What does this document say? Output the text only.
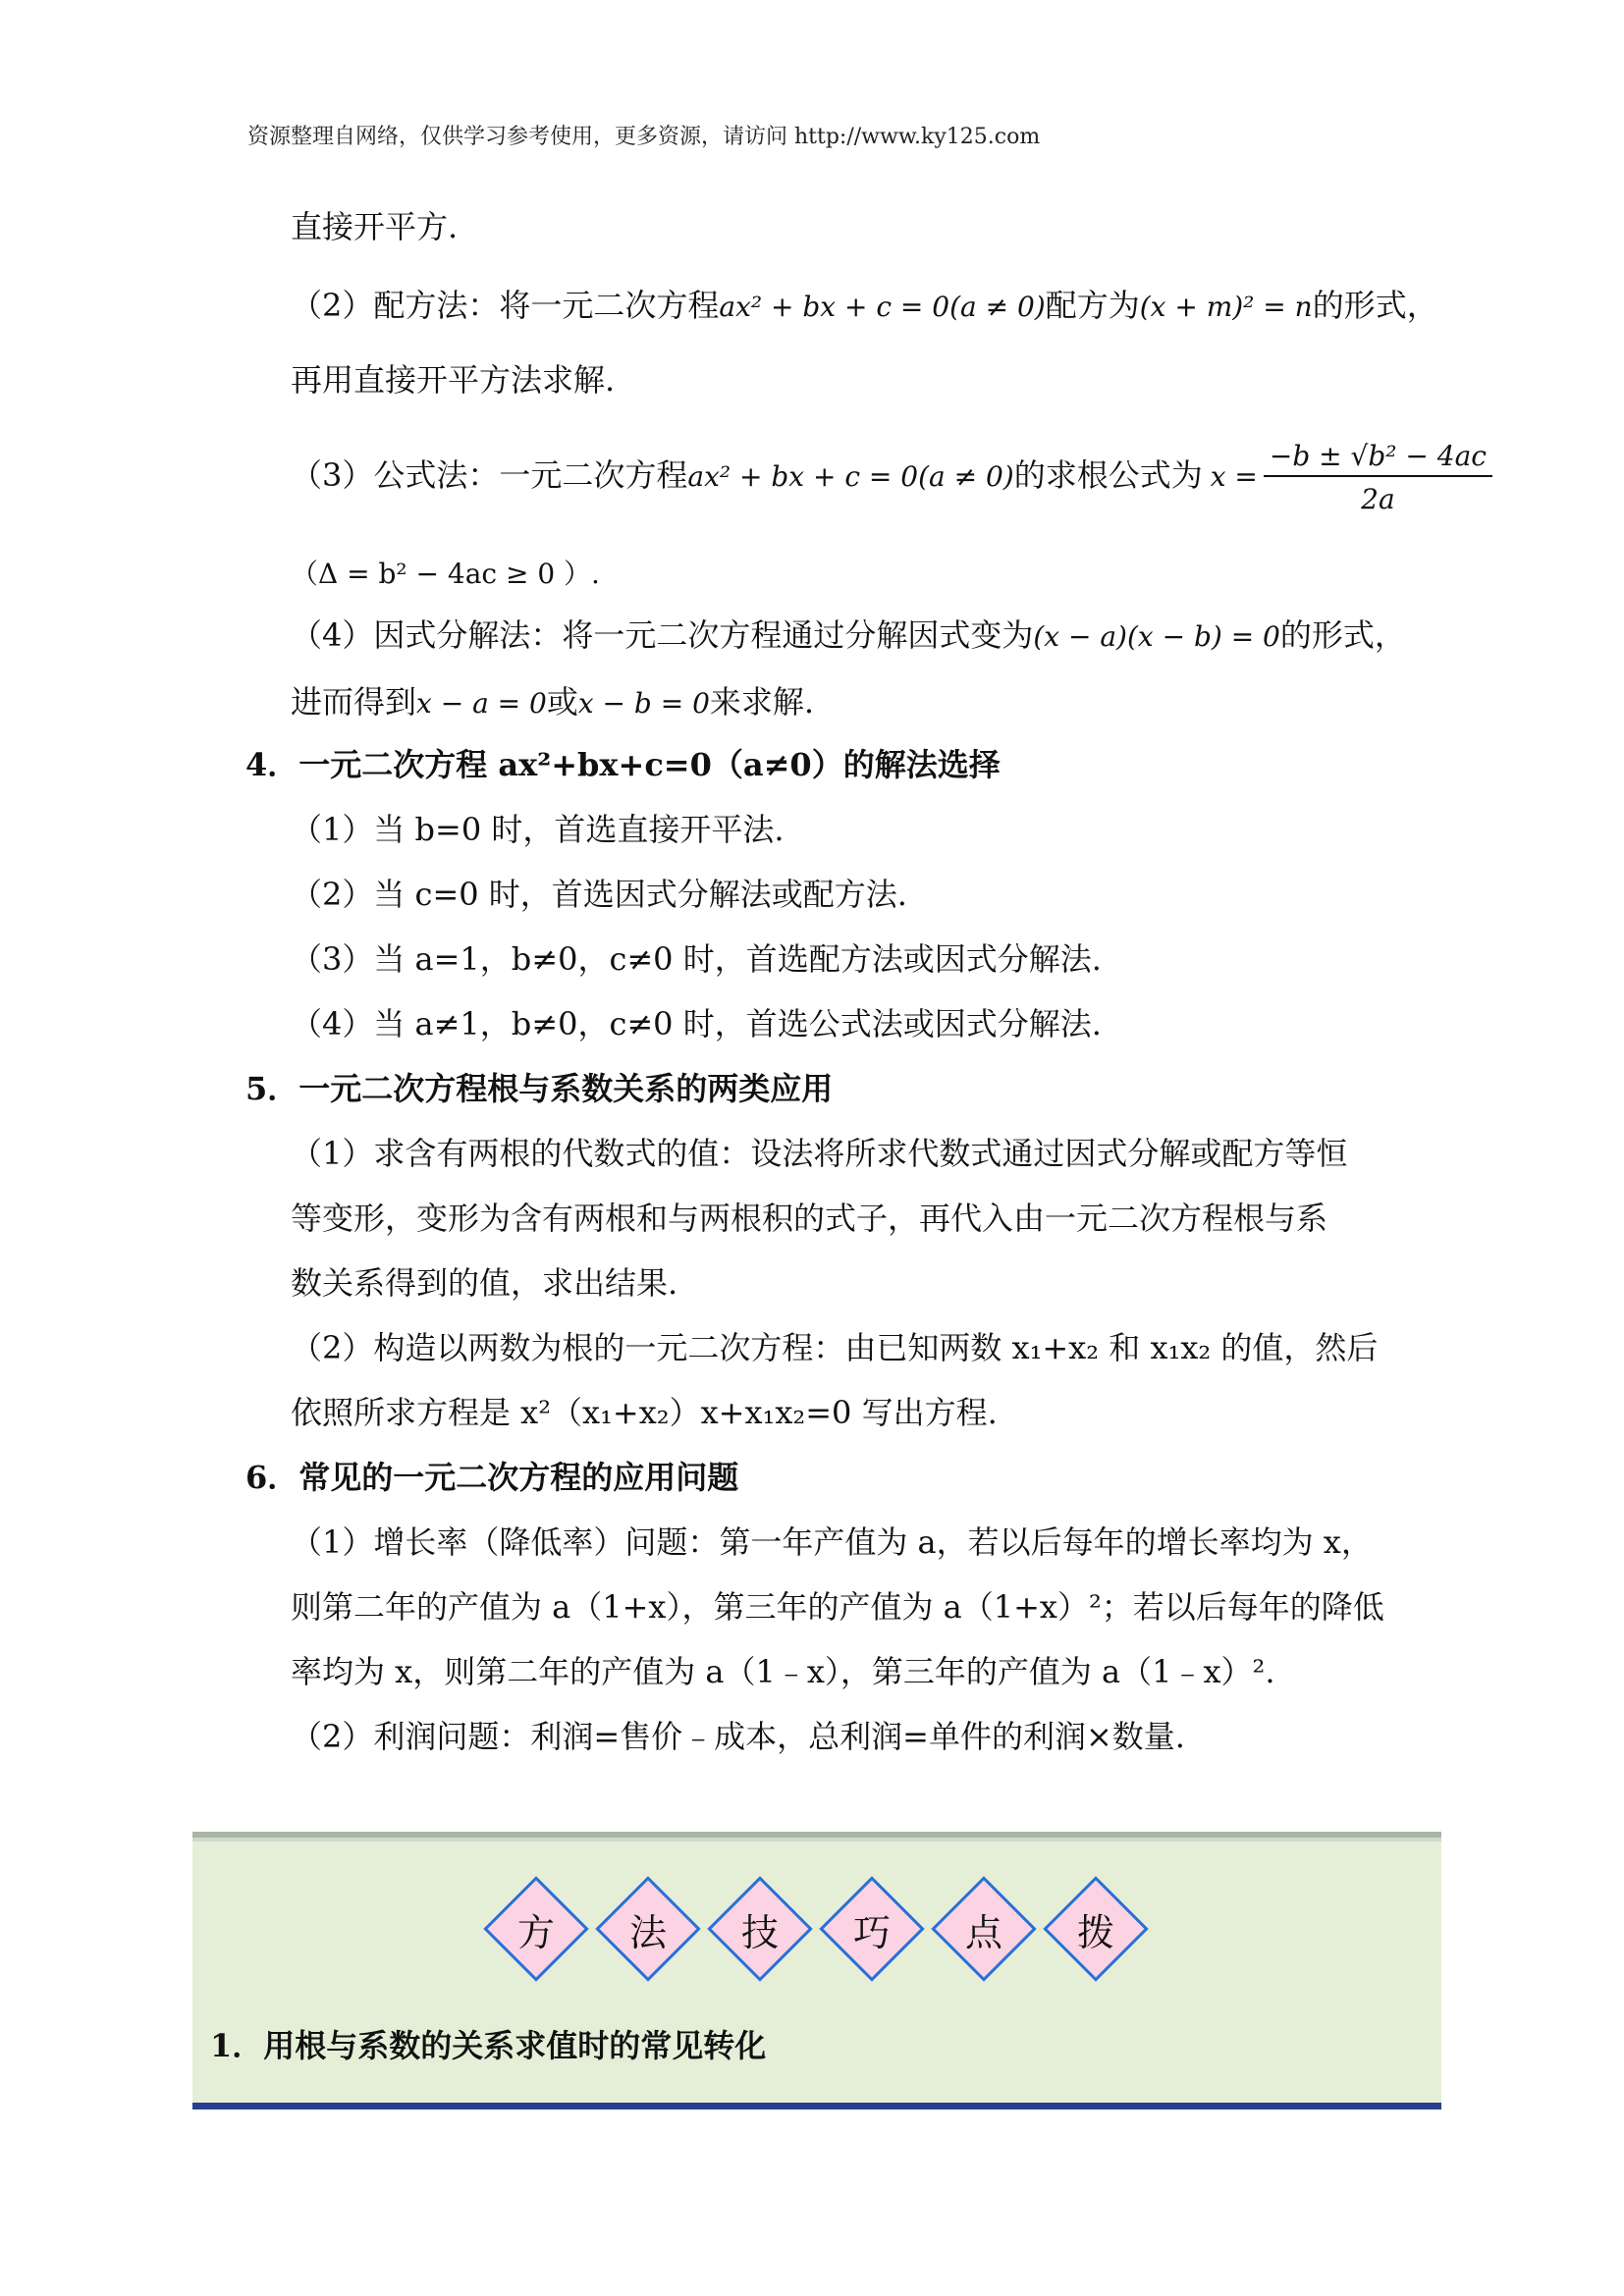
资源整理自网络，仅供学习参考使用，更多资源，请访问 http://www.ky125.com
直接开平方.
（2）配方法：将一元二次方程ax² + bx + c = 0(a ≠ 0)配方为(x + m)² = n的形式，
再用直接开平方法求解.
（3）公式法：一元二次方程ax² + bx + c = 0(a ≠ 0)的求根公式为 $x = \frac{\text{−b ± √b² − 4ac}}{2a}$
（Δ = b² − 4ac ≥ 0 ）.
（4）因式分解法：将一元二次方程通过分解因式变为(x − a)(x − b) = 0的形式，
进而得到x − a = 0或x − b = 0来求解.
4．一元二次方程 ax²+bx+c=0（a≠0）的解法选择
（1）当 b=0 时，首选直接开平法.
（2）当 c=0 时，首选因式分解法或配方法.
（3）当 a=1，b≠0，c≠0 时，首选配方法或因式分解法.
（4）当 a≠1，b≠0，c≠0 时，首选公式法或因式分解法.
5．一元二次方程根与系数关系的两类应用
（1）求含有两根的代数式的值：设法将所求代数式通过因式分解或配方等恒
等变形，变形为含有两根和与两根积的式子，再代入由一元二次方程根与系
数关系得到的值，求出结果.
（2）构造以两数为根的一元二次方程：由已知两数 x₁+x₂ 和 x₁x₂ 的值，然后
依照所求方程是 x²（x₁+x₂）x+x₁x₂=0 写出方程.
6．常见的一元二次方程的应用问题
（1）增长率（降低率）问题：第一年产值为 a，若以后每年的增长率均为 x，
则第二年的产值为 a（1+x），第三年的产值为 a（1+x）²；若以后每年的降低
率均为 x，则第二年的产值为 a（1﹣x），第三年的产值为 a（1﹣x）².
（2）利润问题：利润=售价﹣成本，总利润=单件的利润×数量.
方	法	技	巧	点	拨
1．用根与系数的关系求值时的常见转化
